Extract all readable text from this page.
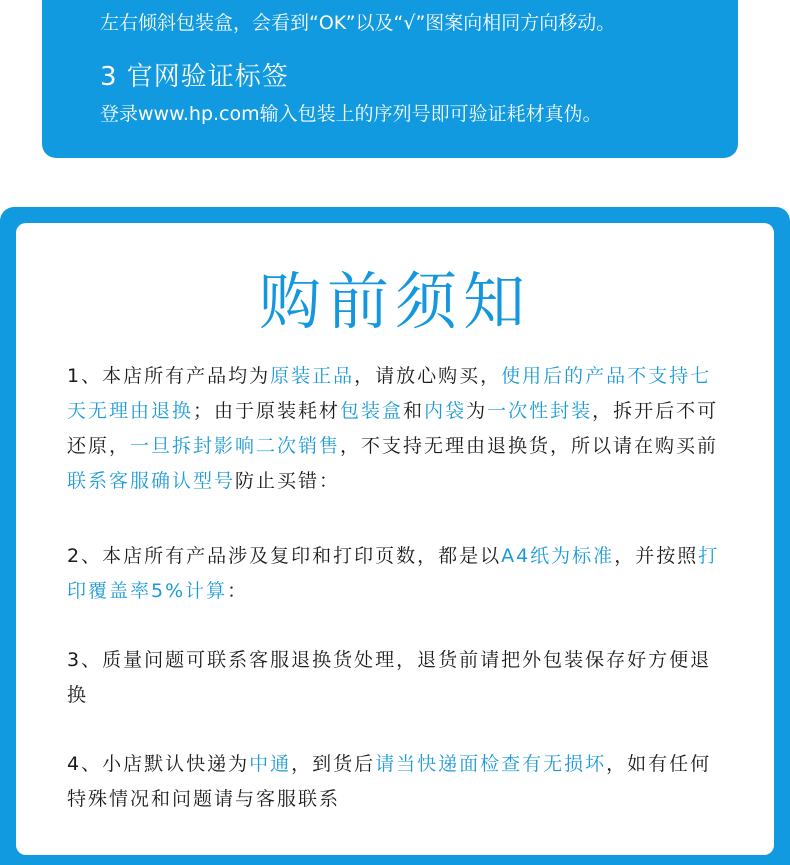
左右倾斜包装盒，会看到“OK”以及“√”图案向相同方向移动。
3 官网验证标签
登录www.hp.com输入包装上的序列号即可验证耗材真伪。
购前须知

1、本店所有产品均为原装正品，请放心购买，使用后的产品不支持七天无理由退换；由于原装耗材包装盒和内袋为一次性封装，拆开后不可还原，一旦拆封影响二次销售，不支持无理由退换货，所以请在购买前联系客服确认型号防止买错：

2、本店所有产品涉及复印和打印页数，都是以A4纸为标准，并按照打印覆盖率5%计算：

3、质量问题可联系客服退换货处理，退货前请把外包装保存好方便退换

4、小店默认快递为中通，到货后请当快递面检查有无损坏，如有任何特殊情况和问题请与客服联系
